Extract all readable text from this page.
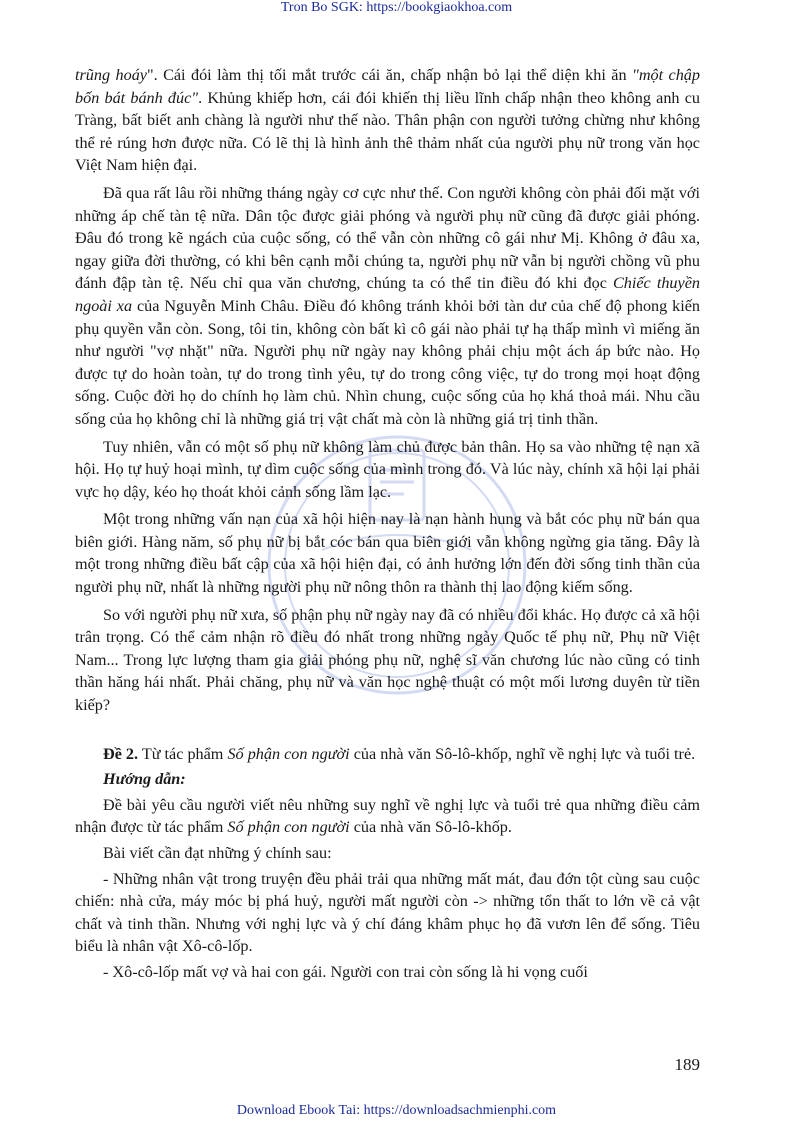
Tron Bo SGK: https://bookgiaokhoa.com

trũng hoáy". Cái đói làm thị tối mắt trước cái ăn, chấp nhận bỏ lại thể diện khi ăn "một chập bốn bát bánh đúc". Khủng khiếp hơn, cái đói khiến thị liều lĩnh chấp nhận theo không anh cu Tràng, bất biết anh chàng là người như thế nào. Thân phận con người tưởng chừng như không thể rẻ rúng hơn được nữa. Có lẽ thị là hình ảnh thê thảm nhất của người phụ nữ trong văn học Việt Nam hiện đại.

Đã qua rất lâu rồi những tháng ngày cơ cực như thế. Con người không còn phải đối mặt với những áp chế tàn tệ nữa. Dân tộc được giải phóng và người phụ nữ cũng đã được giải phóng. Đâu đó trong kẽ ngách của cuộc sống, có thể vẫn còn những cô gái như Mị. Không ở đâu xa, ngay giữa đời thường, có khi bên cạnh mỗi chúng ta, người phụ nữ vẫn bị người chồng vũ phu đánh đập tàn tệ. Nếu chỉ qua văn chương, chúng ta có thể tin điều đó khi đọc Chiếc thuyền ngoài xa của Nguyễn Minh Châu. Điều đó không tránh khỏi bởi tàn dư của chế độ phong kiến phụ quyền vẫn còn. Song, tôi tin, không còn bất kì cô gái nào phải tự hạ thấp mình vì miếng ăn như người "vợ nhặt" nữa. Người phụ nữ ngày nay không phải chịu một ách áp bức nào. Họ được tự do hoàn toàn, tự do trong tình yêu, tự do trong công việc, tự do trong mọi hoạt động sống. Cuộc đời họ do chính họ làm chủ. Nhìn chung, cuộc sống của họ khá thoả mái. Nhu cầu sống của họ không chỉ là những giá trị vật chất mà còn là những giá trị tinh thần.

Tuy nhiên, vẫn có một số phụ nữ không làm chủ được bản thân. Họ sa vào những tệ nạn xã hội. Họ tự huỷ hoại mình, tự dìm cuộc sống của mình trong đó. Và lúc này, chính xã hội lại phải vực họ dậy, kéo họ thoát khỏi cảnh sống lầm lạc.

Một trong những vấn nạn của xã hội hiện nay là nạn hành hung và bắt cóc phụ nữ bán qua biên giới. Hàng năm, số phụ nữ bị bắt cóc bán qua biên giới vẫn không ngừng gia tăng. Đây là một trong những điều bất cập của xã hội hiện đại, có ảnh hưởng lớn đến đời sống tinh thần của người phụ nữ, nhất là những người phụ nữ nông thôn ra thành thị lao động kiếm sống.

So với người phụ nữ xưa, số phận phụ nữ ngày nay đã có nhiều đổi khác. Họ được cả xã hội trân trọng. Có thể cảm nhận rõ điều đó nhất trong những ngày Quốc tế phụ nữ, Phụ nữ Việt Nam... Trong lực lượng tham gia giải phóng phụ nữ, nghệ sĩ văn chương lúc nào cũng có tinh thần hăng hái nhất. Phải chăng, phụ nữ và văn học nghệ thuật có một mối lương duyên từ tiền kiếp?

Đề 2. Từ tác phẩm Số phận con người của nhà văn Sô-lô-khốp, nghĩ về nghị lực và tuổi trẻ.

Hướng dẫn:

Đề bài yêu cầu người viết nêu những suy nghĩ về nghị lực và tuổi trẻ qua những điều cảm nhận được từ tác phẩm Số phận con người của nhà văn Sô-lô-khốp.

Bài viết cần đạt những ý chính sau:

- Những nhân vật trong truyện đều phải trải qua những mất mát, đau đớn tột cùng sau cuộc chiến: nhà cửa, máy móc bị phá huỷ, người mất người còn -> những tổn thất to lớn về cả vật chất và tinh thần. Nhưng với nghị lực và ý chí đáng khâm phục họ đã vươn lên để sống. Tiêu biểu là nhân vật Xô-cô-lốp.

- Xô-cô-lốp mất vợ và hai con gái. Người con trai còn sống là hi vọng cuối

189
Download Ebook Tai: https://downloadsachmienphi.com
